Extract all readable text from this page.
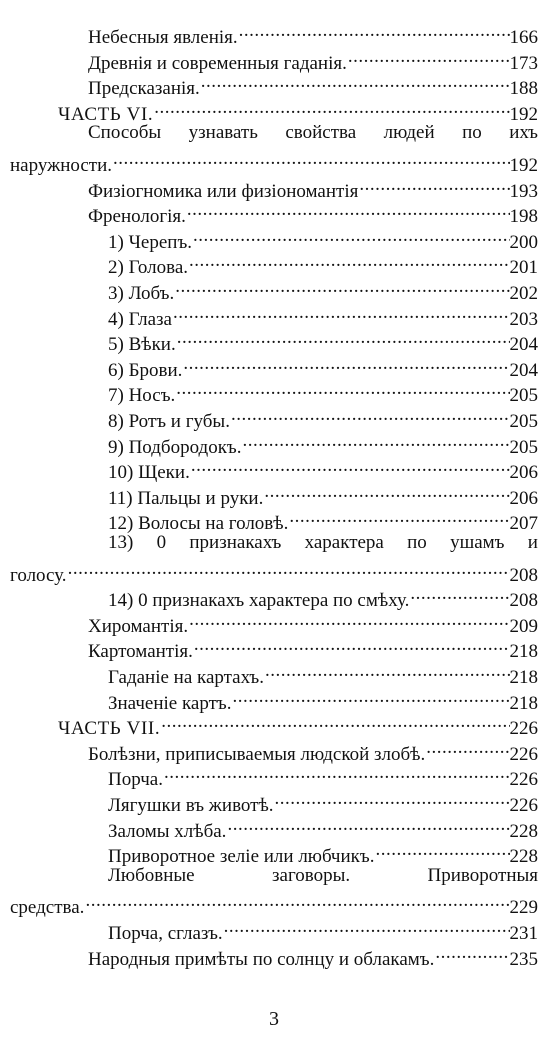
Небесныя явленія. .....	166
Древнія и современныя гаданія. .....	173
Предсказанія. .....	188
ЧАСТЬ VI. .....	192
Способы узнавать свойства людей по ихъ
наружности. .....	192
Физіогномика или физіономантія .....	193
Френологія. .....	198
1) Черепъ. .....	200
2) Голова. .....	201
3) Лобъ. .....	202
4) Глаза .....	203
5) Вѣки. .....	204
6) Брови. .....	204
7) Носъ. .....	205
8) Ротъ и губы. .....	205
9) Подбородокъ. .....	205
10) Щеки. .....	206
11) Пальцы и руки. .....	206
12) Волосы на головѣ. .....	207
13) 0 признакахъ характера по ушамъ и
голосу. .....	208
14) 0 признакахъ характера по смѣху. .....	208
Хиромантія. .....	209
Картомантія. .....	218
Гаданіе на картахъ. .....	218
Значеніе картъ. .....	218
ЧАСТЬ VII. .....	226
Болѣзни, приписываемыя людской злобѣ. .....	226
Порча. .....	226
Лягушки въ животѣ. .....	226
Заломы хлѣба. .....	228
Приворотное зеліе или любчикъ. .....	228
Любовные	заговоры.	Приворотныя
средства. .....	229
Порча, сглазъ. .....	231
Народныя примѣты по солнцу и облакамъ. .....	235
3
